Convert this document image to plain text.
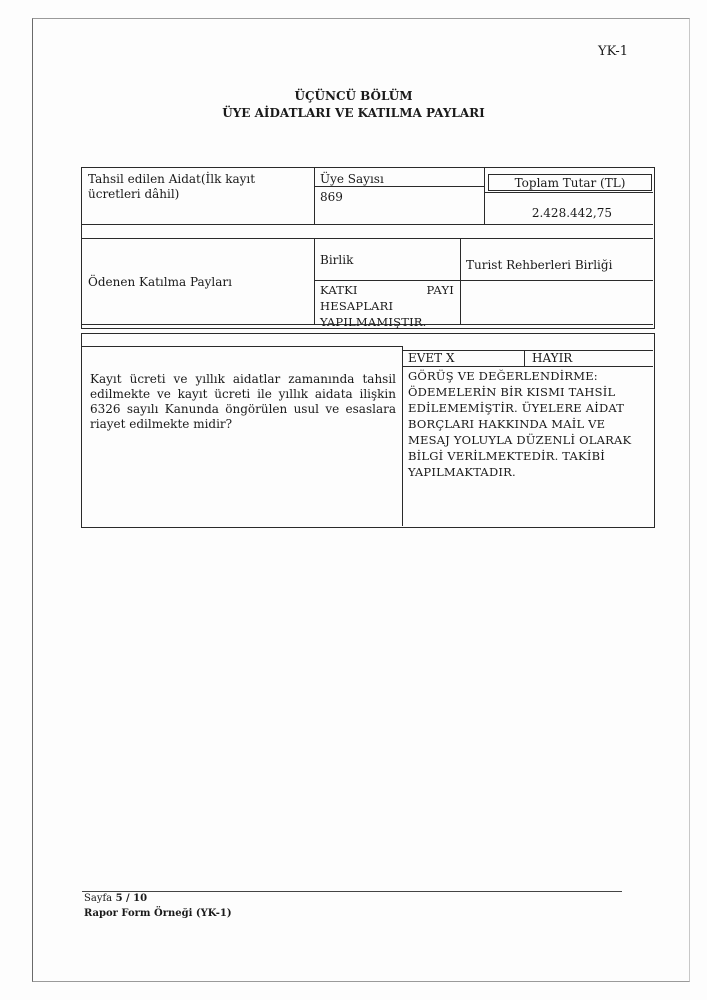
YK-1
ÜÇÜNCÜ BÖLÜM
ÜYE AİDATLARI VE KATILMA PAYLARI
Tahsil edilen Aidat(İlk kayıt ücretleri dâhil)
Üye Sayısı
869
Toplam Tutar (TL)
2.428.442,75
Ödenen Katılma Payları
Birlik	Turist Rehberleri Birliği
KATKI PAYI HESAPLARI YAPILMAMIŞTIR.
Kayıt ücreti ve yıllık aidatlar zamanında tahsil edilmekte ve kayıt ücreti ile yıllık aidata ilişkin 6326 sayılı Kanunda öngörülen usul ve esaslara riayet edilmekte midir?
EVET X	HAYIR
GÖRÜŞ VE DEĞERLENDİRME:
ÖDEMELERİN BİR KISMI TAHSİL EDİLEMEMİŞTİR. ÜYELERE AİDAT BORÇLARI HAKKINDA MAİL VE MESAJ YOLUYLA DÜZENLİ OLARAK BİLGİ VERİLMEKTEDİR. TAKİBİ YAPILMAKTADIR.
Sayfa 5 / 10
Rapor Form Örneği (YK-1)
